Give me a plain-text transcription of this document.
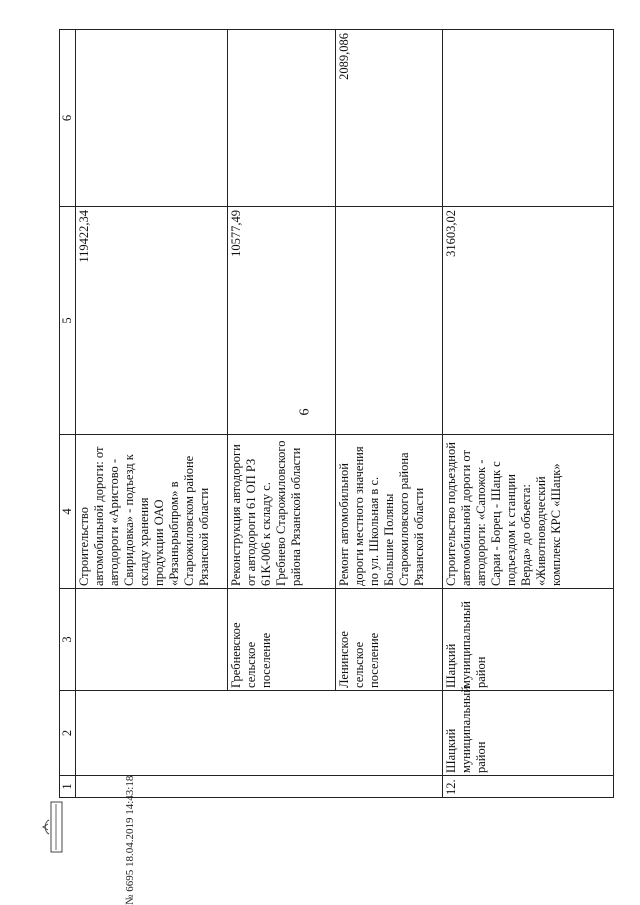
6
1	2	3	4	5	6
			Строительство автомобильной дороги: от автодороги «Аристово - Свиридовка» - подъезд к складу хранения продукции ОАО «Рязаньрыбпром» в Старожиловском районе Рязанской области	119422,34	
		Гребневское сельское поселение	Реконструкция автодороги от автодороги 61 ОП РЗ 61К-006 к складу с. Гребнево Старожиловского района Рязанской области	10577,49	
		Ленинское сельское поселение	Ремонт автомобильной дороги местного значения по ул. Школьная в с. Большие Поляны Старожиловского района Рязанской области		2089,086
12.	Шацкий муниципальный район	Шацкий муниципальный район	Строительство подъездной автомобильной дороги от автодороги: «Сапожок - Сараи - Борец - Шацк с подъездом к станции Верда» до объекта: «Животноводческий комплекс КРС «Шацк»	31603,02	
№ 6695 18.04.2019 14:43:18
